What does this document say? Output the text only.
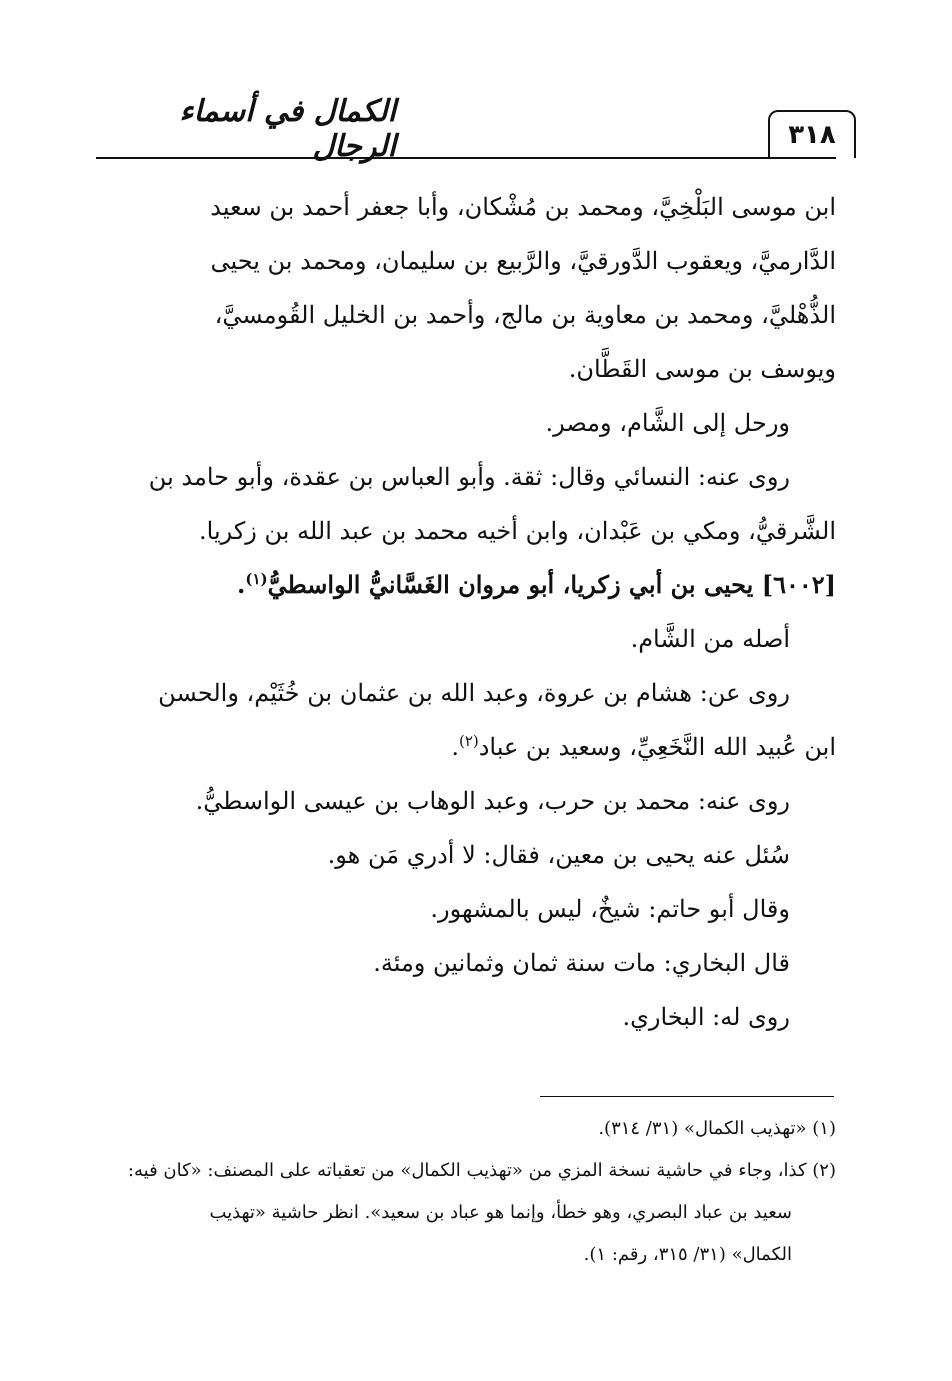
٣١٨
الكمال في أسماء الرجال

ابن موسى البَلْخِيَّ، ومحمد بن مُشْكان، وأبا جعفر أحمد بن سعيد

الدَّارميَّ، ويعقوب الدَّورقيَّ، والرَّبيع بن سليمان، ومحمد بن يحيى

الذُّهْليَّ، ومحمد بن معاوية بن مالج، وأحمد بن الخليل القُومسيَّ،

ويوسف بن موسى القَطَّان.

ورحل إلى الشَّام، ومصر.

روى عنه: النسائي وقال: ثقة. وأبو العباس بن عقدة، وأبو حامد بن

الشَّرقيُّ، ومكي بن عَبْدان، وابن أخيه محمد بن عبد الله بن زكريا.

[٦٠٠٢] يحيى بن أبي زكريا، أبو مروان الغَسَّانيُّ الواسطيُّ$^{(١)}$.

أصله من الشَّام.

روى عن: هشام بن عروة، وعبد الله بن عثمان بن خُثَيْم، والحسن

ابن عُبيد الله النَّخَعِيِّ، وسعيد بن عباد$^{(٢)}$.

روى عنه: محمد بن حرب، وعبد الوهاب بن عيسى الواسطيُّ.

سُئل عنه يحيى بن معين، فقال: لا أدري مَن هو.

وقال أبو حاتم: شيخٌ، ليس بالمشهور.

قال البخاري: مات سنة ثمان وثمانين ومئة.

روى له: البخاري.

(١) «تهذيب الكمال» (٣١/ ٣١٤).

(٢) كذا، وجاء في حاشية نسخة المزي من «تهذيب الكمال» من تعقباته على المصنف: «كان فيه:

سعيد بن عباد البصري، وهو خطأ، وإنما هو عباد بن سعيد». انظر حاشية «تهذيب

الكمال» (٣١/ ٣١٥، رقم: ١).
